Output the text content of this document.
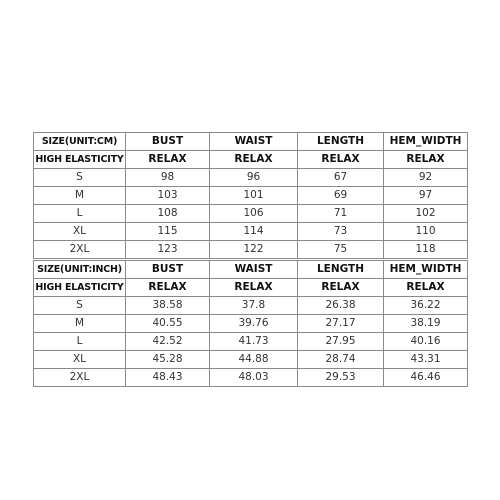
SIZE(UNIT:CM)	BUST	WAIST	LENGTH	HEM_WIDTH
HIGH ELASTICITY	RELAX	RELAX	RELAX	RELAX
S	98	96	67	92
M	103	101	69	97
L	108	106	71	102
XL	115	114	73	110
2XL	123	122	75	118
SIZE(UNIT:INCH)	BUST	WAIST	LENGTH	HEM_WIDTH
HIGH ELASTICITY	RELAX	RELAX	RELAX	RELAX
S	38.58	37.8	26.38	36.22
M	40.55	39.76	27.17	38.19
L	42.52	41.73	27.95	40.16
XL	45.28	44.88	28.74	43.31
2XL	48.43	48.03	29.53	46.46
